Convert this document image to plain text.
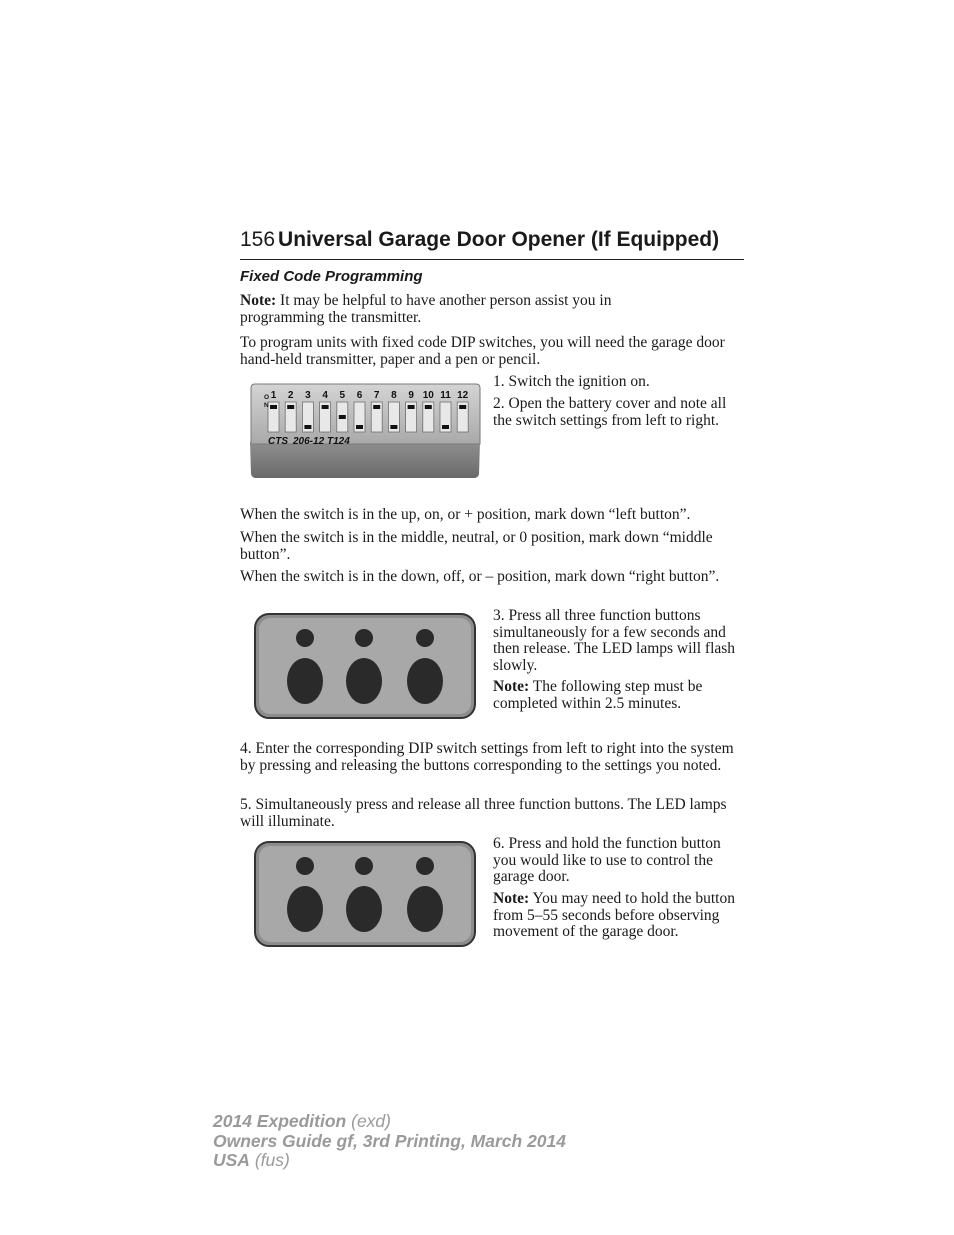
156 Universal Garage Door Opener (If Equipped)
Fixed Code Programming

Note: It may be helpful to have another person assist you in programming the transmitter.

To program units with fixed code DIP switches, you will need the garage door hand-held transmitter, paper and a pen or pencil.

1 2 3 4 5 6 7 8 9 10 11 12
O
N
CTS 206-12 T124

1. Switch the ignition on.

2. Open the battery cover and note all the switch settings from left to right.

When the switch is in the up, on, or + position, mark down “left button”.

When the switch is in the middle, neutral, or 0 position, mark down “middle button”.

When the switch is in the down, off, or – position, mark down “right button”.

3. Press all three function buttons simultaneously for a few seconds and then release. The LED lamps will flash slowly.

Note: The following step must be completed within 2.5 minutes.

4. Enter the corresponding DIP switch settings from left to right into the system by pressing and releasing the buttons corresponding to the settings you noted.

5. Simultaneously press and release all three function buttons. The LED lamps will illuminate.

6. Press and hold the function button you would like to use to control the garage door.

Note: You may need to hold the button from 5–55 seconds before observing movement of the garage door.

2014 Expedition (exd)
Owners Guide gf, 3rd Printing, March 2014
USA (fus)
